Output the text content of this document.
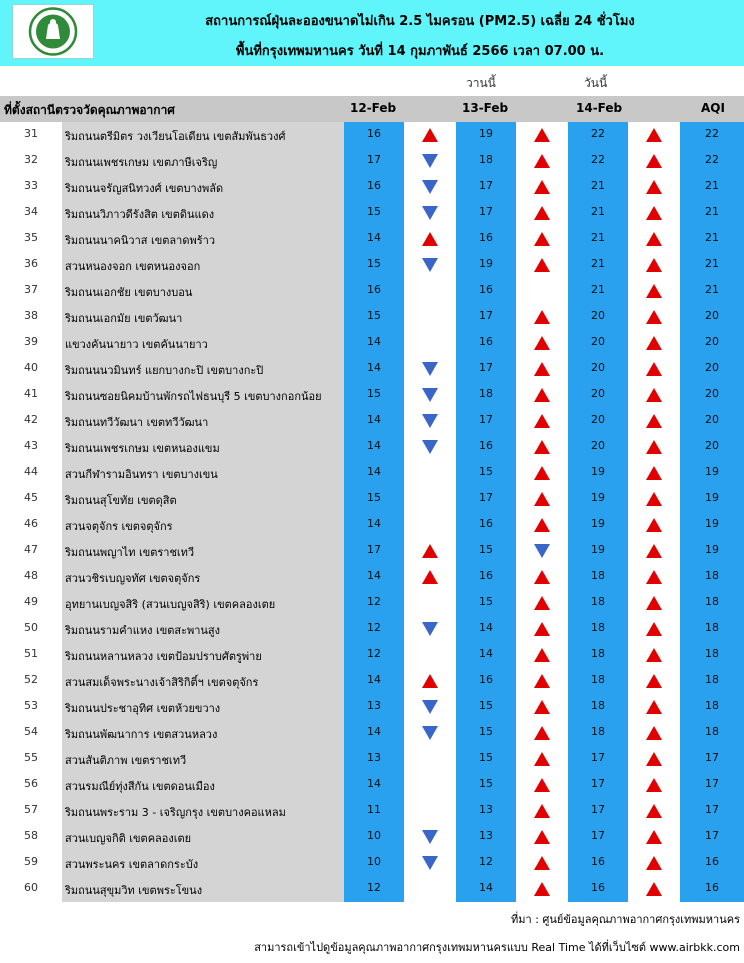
สถานการณ์ฝุ่นละอองขนาดไม่เกิน 2.5 ไมครอน (PM2.5) เฉลี่ย 24 ชั่วโมง
พื้นที่กรุงเทพมหานคร วันที่ 14 กุมภาพันธ์ 2566 เวลา 07.00 น.
วานนี้	วันนี้
ที่ตั้งสถานีตรวจวัดคุณภาพอากาศ	12-Feb	13-Feb	14-Feb	AQI
31	ริมถนนตรีมิตร วงเวียนโอเดียน เขตสัมพันธวงศ์	16	19	22	22
32	ริมถนนเพชรเกษม เขตภาษีเจริญ	17	18	22	22
33	ริมถนนจรัญสนิทวงศ์ เขตบางพลัด	16	17	21	21
34	ริมถนนวิภาวดีรังสิต เขตดินแดง	15	17	21	21
35	ริมถนนนาคนิวาส เขตลาดพร้าว	14	16	21	21
36	สวนหนองจอก เขตหนองจอก	15	19	21	21
37	ริมถนนเอกชัย เขตบางบอน	16	16	21	21
38	ริมถนนเอกมัย เขตวัฒนา	15	17	20	20
39	แขวงคันนายาว เขตคันนายาว	14	16	20	20
40	ริมถนนนวมินทร์ แยกบางกะปิ เขตบางกะปิ	14	17	20	20
41	ริมถนนซอยนิคมบ้านพักรถไฟธนบุรี 5 เขตบางกอกน้อย	15	18	20	20
42	ริมถนนทวีวัฒนา เขตทวีวัฒนา	14	17	20	20
43	ริมถนนเพชรเกษม เขตหนองแขม	14	16	20	20
44	สวนกีฬารามอินทรา เขตบางเขน	14	15	19	19
45	ริมถนนสุโขทัย เขตดุสิต	15	17	19	19
46	สวนจตุจักร เขตจตุจักร	14	16	19	19
47	ริมถนนพญาไท เขตราชเทวี	17	15	19	19
48	สวนวชิรเบญจทัศ เขตจตุจักร	14	16	18	18
49	อุทยานเบญจสิริ (สวนเบญจสิริ) เขตคลองเตย	12	15	18	18
50	ริมถนนรามคำแหง เขตสะพานสูง	12	14	18	18
51	ริมถนนหลานหลวง เขตป้อมปราบศัตรูพ่าย	12	14	18	18
52	สวนสมเด็จพระนางเจ้าสิริกิติ์ฯ เขตจตุจักร	14	16	18	18
53	ริมถนนประชาอุทิศ เขตห้วยขวาง	13	15	18	18
54	ริมถนนพัฒนาการ เขตสวนหลวง	14	15	18	18
55	สวนสันติภาพ เขตราชเทวี	13	15	17	17
56	สวนรมณีย์ทุ่งสีกัน เขตดอนเมือง	14	15	17	17
57	ริมถนนพระราม 3 - เจริญกรุง เขตบางคอแหลม	11	13	17	17
58	สวนเบญจกิติ เขตคลองเตย	10	13	17	17
59	สวนพระนคร เขตลาดกระบัง	10	12	16	16
60	ริมถนนสุขุมวิท เขตพระโขนง	12	14	16	16
ที่มา : ศูนย์ข้อมูลคุณภาพอากาศกรุงเทพมหานคร
สามารถเข้าไปดูข้อมูลคุณภาพอากาศกรุงเทพมหานครแบบ Real Time ได้ที่เว็บไซต์ www.airbkk.com
